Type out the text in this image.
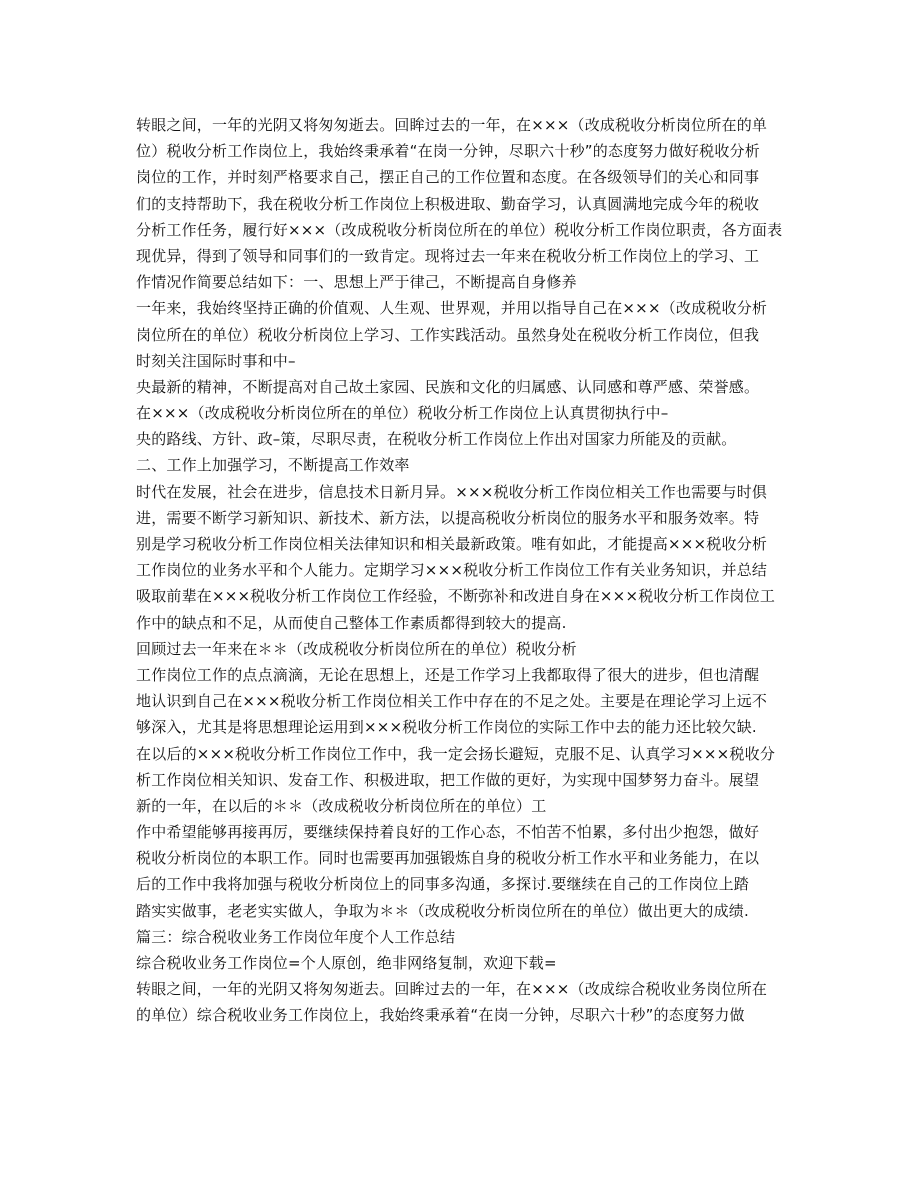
转眼之间，一年的光阴又将匆匆逝去。回眸过去的一年，在×××（改成税收分析岗位所在的单
位）税收分析工作岗位上，我始终秉承着“在岗一分钟，尽职六十秒”的态度努力做好税收分析
岗位的工作，并时刻严格要求自己，摆正自己的工作位置和态度。在各级领导们的关心和同事
们的支持帮助下，我在税收分析工作岗位上积极进取、勤奋学习，认真圆满地完成今年的税收
分析工作任务，履行好×××（改成税收分析岗位所在的单位）税收分析工作岗位职责，各方面表
现优异，得到了领导和同事们的一致肯定。现将过去一年来在税收分析工作岗位上的学习、工
作情况作简要总结如下：一、思想上严于律己，不断提高自身修养
一年来，我始终坚持正确的价值观、人生观、世界观，并用以指导自己在×××（改成税收分析
岗位所在的单位）税收分析岗位上学习、工作实践活动。虽然身处在税收分析工作岗位，但我
时刻关注国际时事和中–
央最新的精神，不断提高对自己故土家园、民族和文化的归属感、认同感和尊严感、荣誉感。
在×××（改成税收分析岗位所在的单位）税收分析工作岗位上认真贯彻执行中–
央的路线、方针、政–策，尽职尽责，在税收分析工作岗位上作出对国家力所能及的贡献。
二、工作上加强学习，不断提高工作效率
时代在发展，社会在进步，信息技术日新月异。×××税收分析工作岗位相关工作也需要与时俱
进，需要不断学习新知识、新技术、新方法，以提高税收分析岗位的服务水平和服务效率。特
别是学习税收分析工作岗位相关法律知识和相关最新政策。唯有如此，才能提高×××税收分析
工作岗位的业务水平和个人能力。定期学习×××税收分析工作岗位工作有关业务知识，并总结
吸取前辈在×××税收分析工作岗位工作经验，不断弥补和改进自身在×××税收分析工作岗位工
作中的缺点和不足，从而使自己整体工作素质都得到较大的提高.
回顾过去一年来在＊＊（改成税收分析岗位所在的单位）税收分析
工作岗位工作的点点滴滴，无论在思想上，还是工作学习上我都取得了很大的进步，但也清醒
地认识到自己在×××税收分析工作岗位相关工作中存在的不足之处。主要是在理论学习上远不
够深入，尤其是将思想理论运用到×××税收分析工作岗位的实际工作中去的能力还比较欠缺.
在以后的×××税收分析工作岗位工作中，我一定会扬长避短，克服不足、认真学习×××税收分
析工作岗位相关知识、发奋工作、积极进取，把工作做的更好，为实现中国梦努力奋斗。展望
新的一年，在以后的＊＊（改成税收分析岗位所在的单位）工
作中希望能够再接再厉，要继续保持着良好的工作心态，不怕苦不怕累，多付出少抱怨，做好
税收分析岗位的本职工作。同时也需要再加强锻炼自身的税收分析工作水平和业务能力，在以
后的工作中我将加强与税收分析岗位上的同事多沟通，多探讨.要继续在自己的工作岗位上踏
踏实实做事，老老实实做人，争取为＊＊（改成税收分析岗位所在的单位）做出更大的成绩.
篇三：综合税收业务工作岗位年度个人工作总结
综合税收业务工作岗位=个人原创，绝非网络复制，欢迎下载=
转眼之间，一年的光阴又将匆匆逝去。回眸过去的一年，在×××（改成综合税收业务岗位所在
的单位）综合税收业务工作岗位上，我始终秉承着“在岗一分钟，尽职六十秒”的态度努力做
